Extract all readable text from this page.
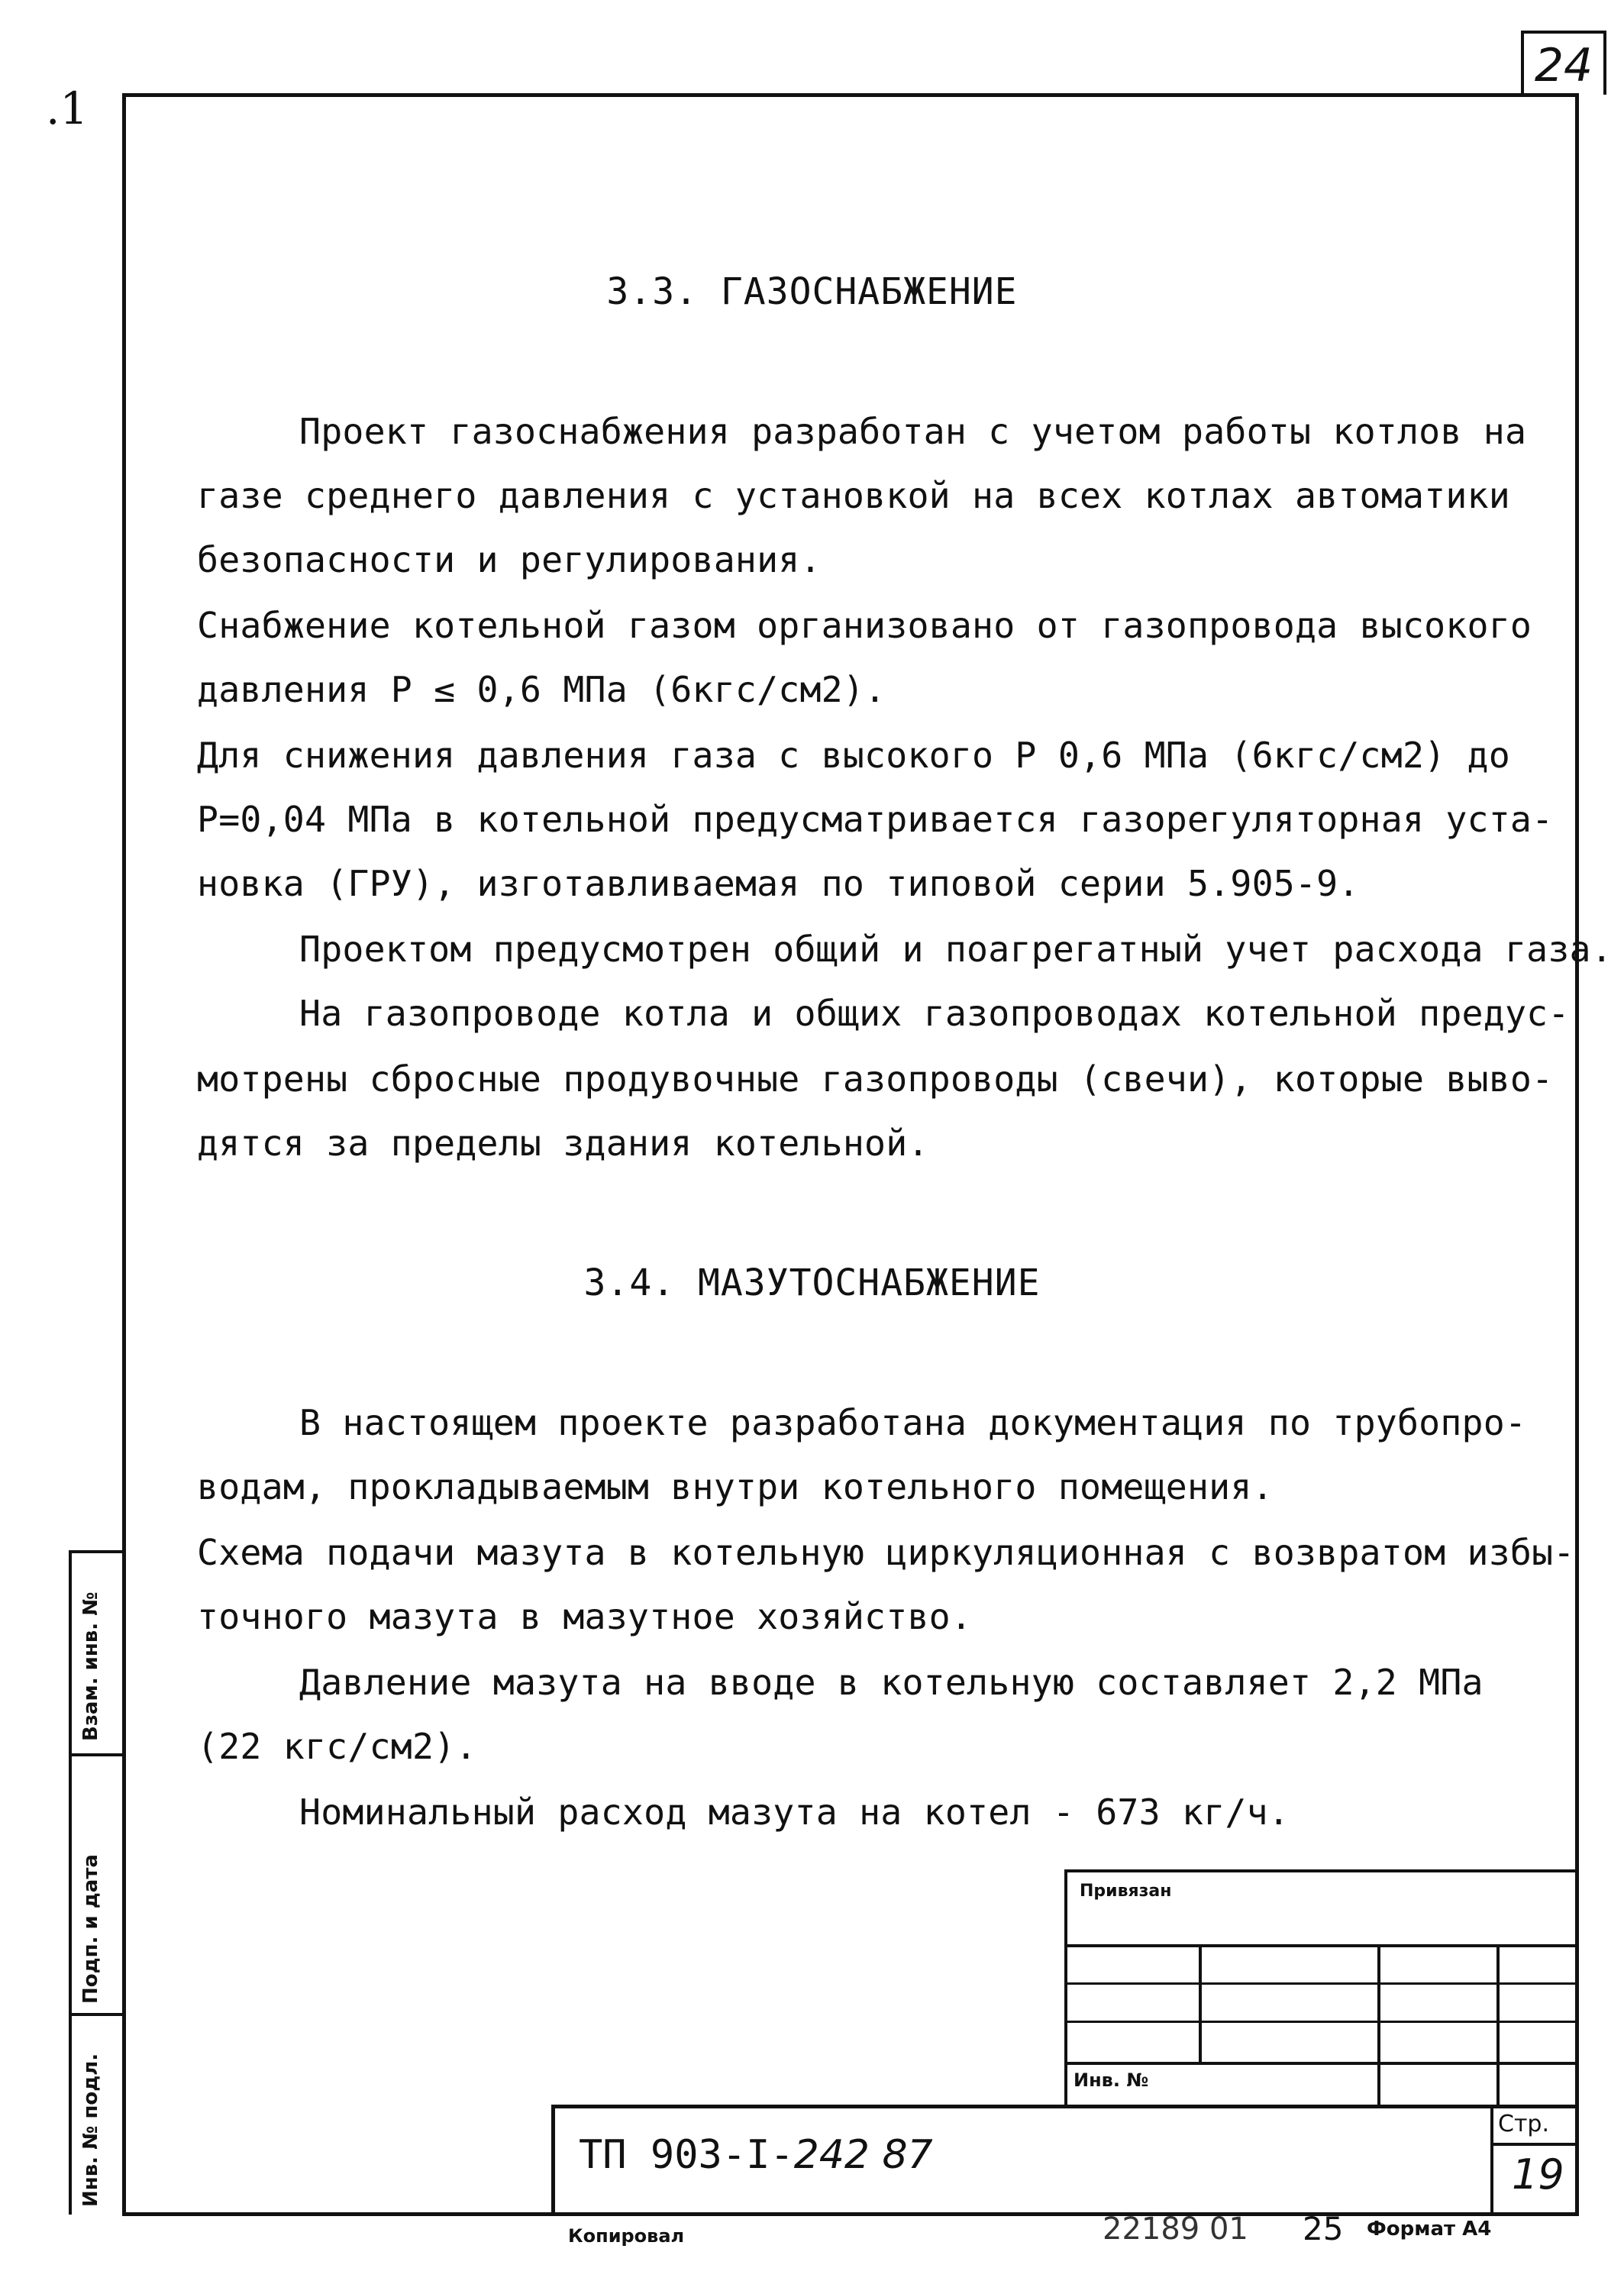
.1
24
3.3. ГАЗОСНАБЖЕНИЕ
Проект газоснабжения разработан с учетом работы котлов на
газе среднего давления с установкой на всех котлах автоматики
безопасности и регулирования.
Снабжение котельной газом организовано от газопровода высокого
давления Р ≤ 0,6 МПа (6кгс/см2).
Для снижения давления газа с высокого Р 0,6 МПа (6кгс/см2) до
Р=0,04 МПа в котельной предусматривается газорегуляторная уста-
новка (ГРУ), изготавливаемая по типовой серии 5.905-9.
Проектом предусмотрен общий и поагрегатный учет расхода газа.
На газопроводе котла и общих газопроводах котельной предус-
мотрены сбросные продувочные газопроводы (свечи), которые выво-
дятся за пределы здания котельной.
3.4. МАЗУТОСНАБЖЕНИЕ
В настоящем проекте разработана документация по трубопро-
водам, прокладываемым внутри котельного помещения.
Схема подачи мазута в котельную циркуляционная с возвратом избы-
точного мазута в мазутное хозяйство.
Давление мазута на вводе в котельную составляет 2,2 МПа
(22 кгс/см2).
Номинальный расход мазута на котел - 673 кг/ч.
Взам. инв. №
Подп. и дата
Инв. № подл.
Привязан
Инв. №
ТП 903-I-242 87
Стр.
19
Копировал	22189 01 25 Формат А4
